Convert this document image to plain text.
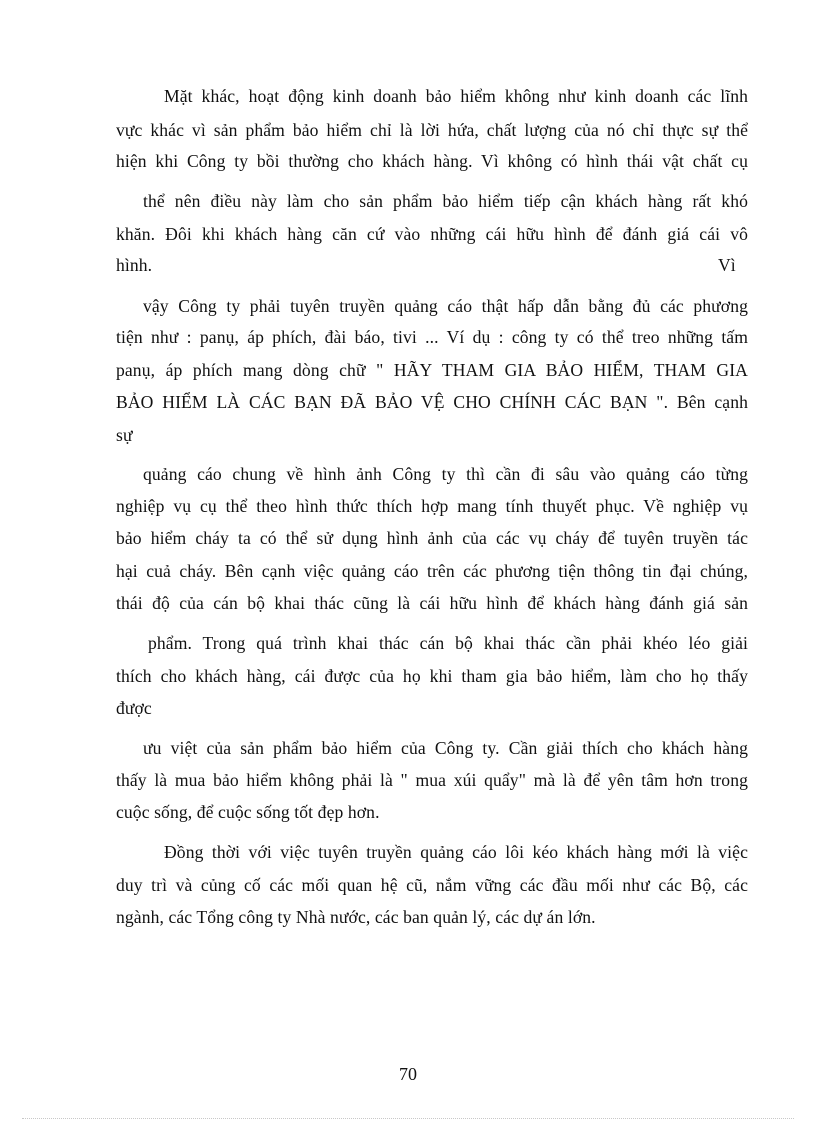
Mặt khác, hoạt động kinh doanh bảo hiểm không như kinh doanh các lĩnh

vực khác vì sản phẩm bảo hiểm chỉ là lời hứa, chất lượng của nó chỉ thực sự thể

hiện khi Công ty bồi thường cho khách hàng. Vì không có hình thái vật chất cụ

thể nên điều này làm cho sản phẩm bảo hiểm tiếp cận khách hàng rất khó

khăn. Đôi khi khách hàng căn cứ vào những cái hữu hình để đánh giá cái vô

hình.	Vì

vậy Công ty phải tuyên truyền quảng cáo thật hấp dẫn bằng đủ các phương

tiện như : panụ, áp phích, đài báo, tivi ... Ví dụ : công ty có thể treo những tấm

panụ, áp phích mang dòng chữ " HÃY THAM GIA BẢO HIỂM, THAM GIA

BẢO HIỂM LÀ CÁC BẠN ĐÃ BẢO VỆ CHO CHÍNH CÁC BẠN ". Bên cạnh

sự

quảng cáo chung về hình ảnh Công ty thì cần đi sâu vào quảng cáo từng

nghiệp vụ cụ thể theo hình thức thích hợp mang tính thuyết phục. Về nghiệp vụ

bảo hiểm cháy ta có thể sử dụng hình ảnh của các vụ cháy để tuyên truyền tác

hại cuả cháy. Bên cạnh việc quảng cáo trên các phương tiện thông tin đại chúng,

thái độ của cán bộ khai thác cũng là cái hữu hình để khách hàng đánh giá sản

phẩm. Trong quá trình khai thác cán bộ khai thác cần phải khéo léo giải

thích cho khách hàng, cái được của họ khi tham gia bảo hiểm, làm cho họ thấy

được

ưu việt của sản phẩm bảo hiểm của Công ty. Cần giải thích cho khách hàng

thấy là mua bảo hiểm không phải là " mua xúi quẩy" mà là để yên tâm hơn trong

cuộc sống, để cuộc sống tốt đẹp hơn.

Đồng thời với việc tuyên truyền quảng cáo lôi kéo khách hàng mới là việc

duy trì và củng cố các mối quan hệ cũ, nắm vững các đầu mối như các Bộ, các

ngành, các Tổng công ty Nhà nước, các ban quản lý, các dự án lớn.

70
